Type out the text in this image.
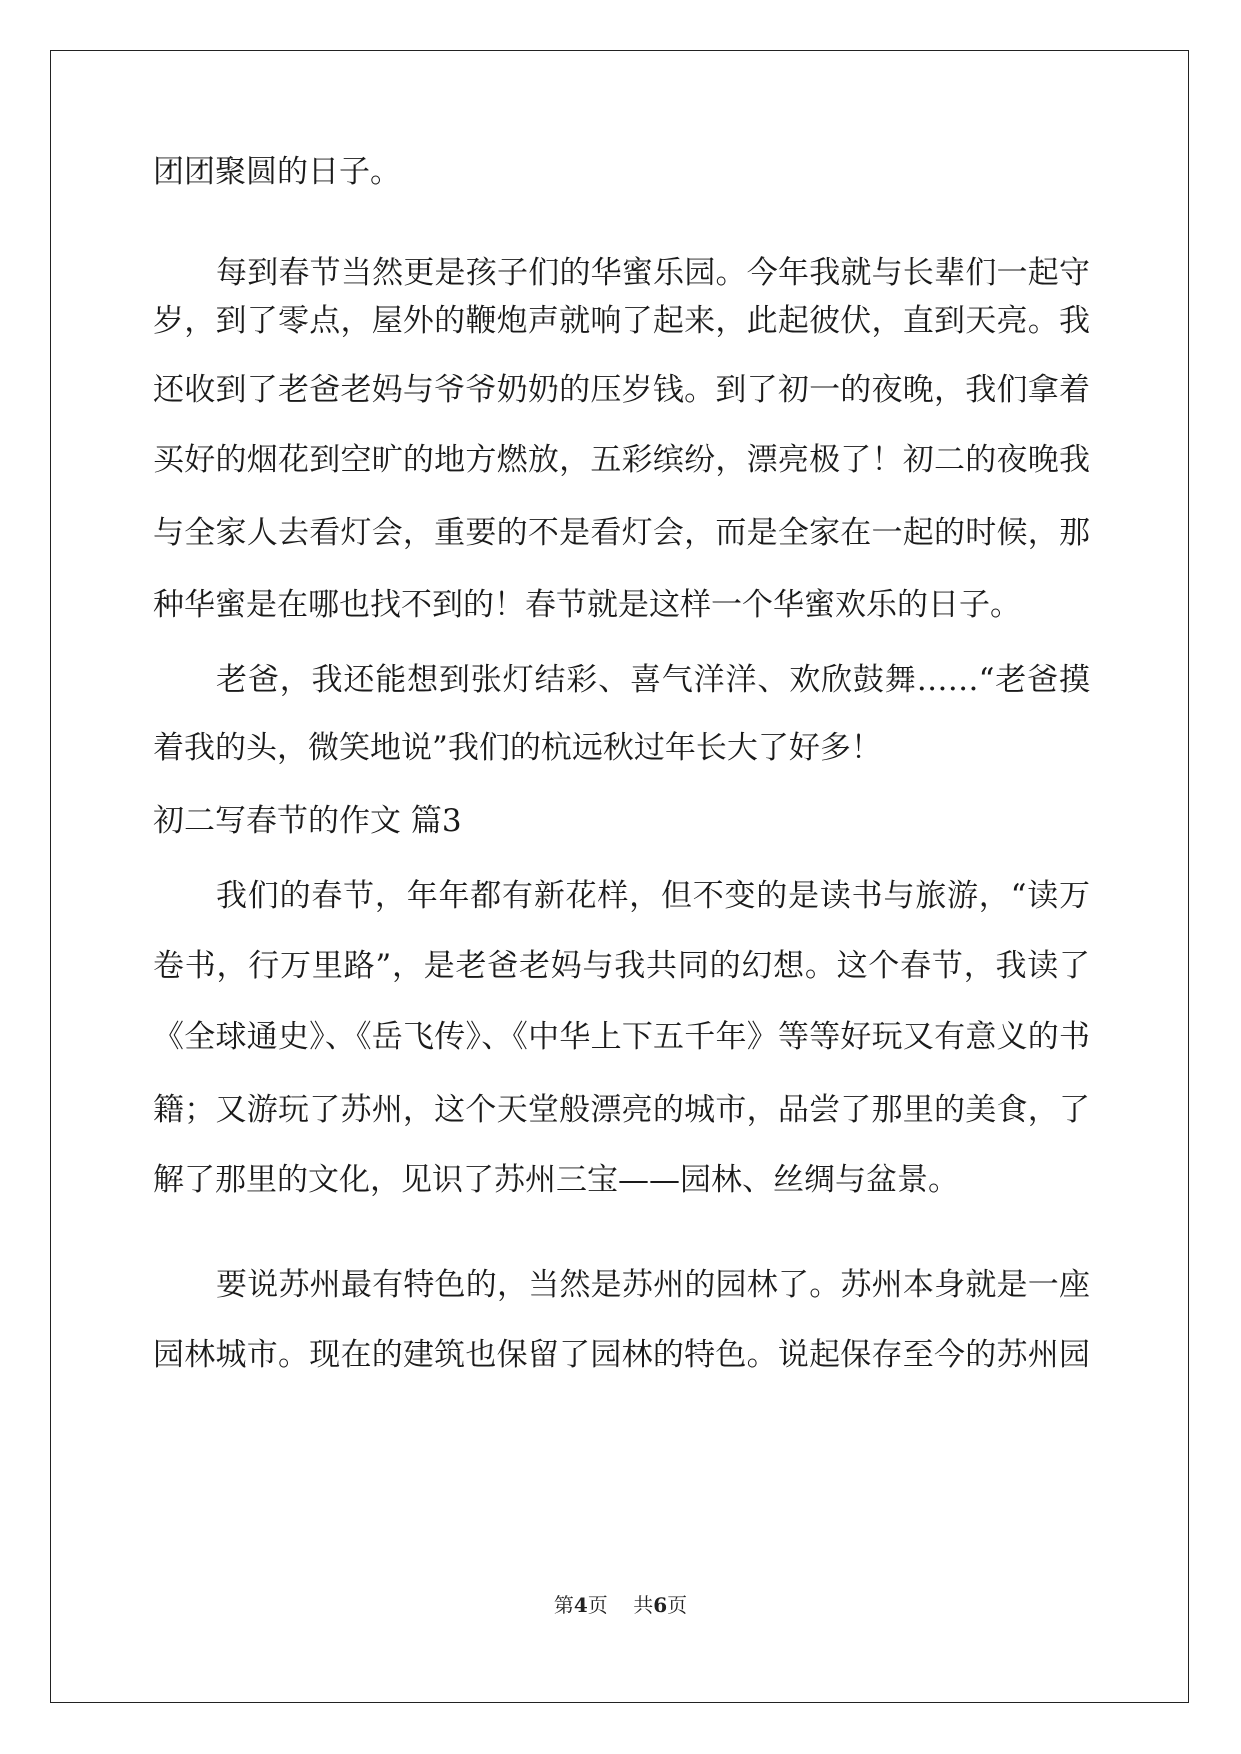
团团聚圆的日子。
每到春节当然更是孩子们的华蜜乐园。今年我就与长辈们一起守
岁，到了零点，屋外的鞭炮声就响了起来，此起彼伏，直到天亮。我
还收到了老爸老妈与爷爷奶奶的压岁钱。到了初一的夜晚，我们拿着
买好的烟花到空旷的地方燃放，五彩缤纷，漂亮极了！初二的夜晚我
与全家人去看灯会，重要的不是看灯会，而是全家在一起的时候，那
种华蜜是在哪也找不到的！春节就是这样一个华蜜欢乐的日子。
老爸，我还能想到张灯结彩、喜气洋洋、欢欣鼓舞……“老爸摸
着我的头，微笑地说”我们的杭远秋过年长大了好多！
初二写春节的作文 篇3
我们的春节，年年都有新花样，但不变的是读书与旅游，“读万
卷书，行万里路”，是老爸老妈与我共同的幻想。这个春节，我读了
《全球通史》、《岳飞传》、《中华上下五千年》等等好玩又有意义的书
籍；又游玩了苏州，这个天堂般漂亮的城市，品尝了那里的美食，了
解了那里的文化，见识了苏州三宝——园林、丝绸与盆景。
要说苏州最有特色的，当然是苏州的园林了。苏州本身就是一座
园林城市。现在的建筑也保留了园林的特色。说起保存至今的苏州园
第4页 共6页
